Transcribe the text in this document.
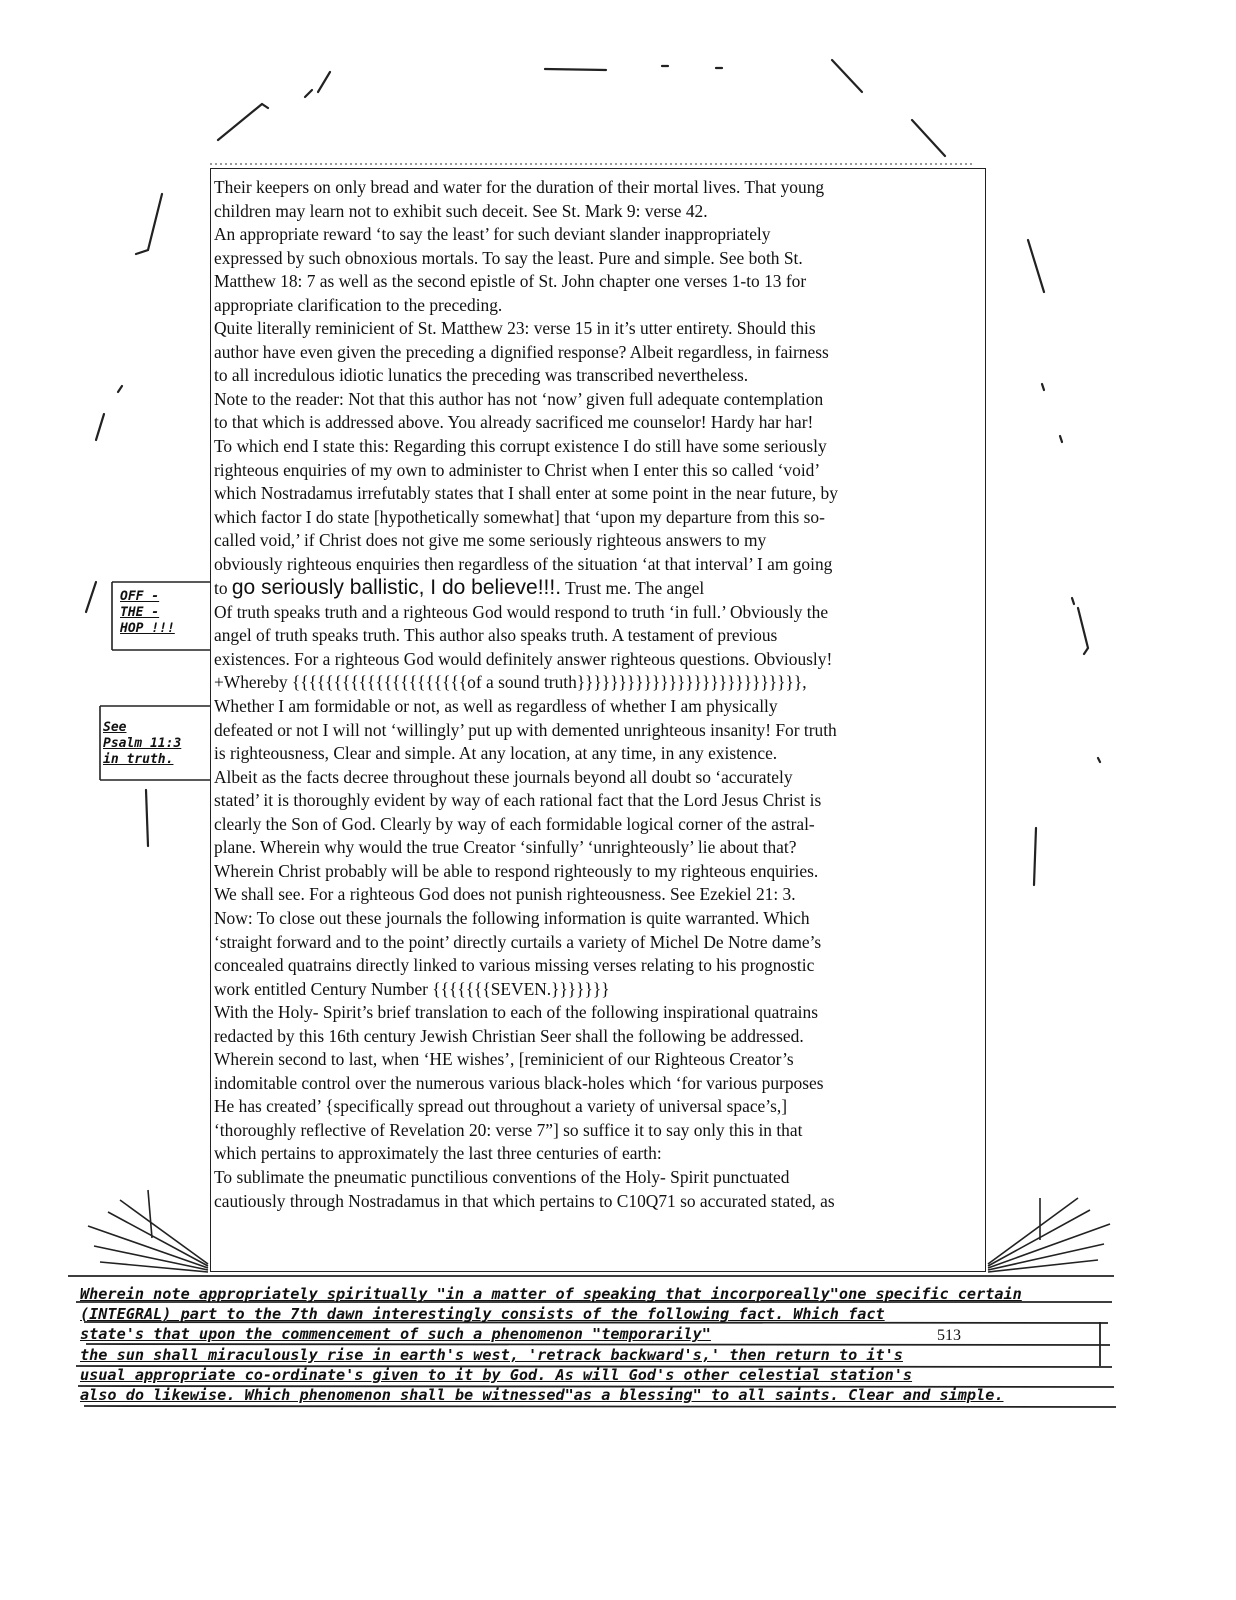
Their keepers on only bread and water for the duration of their mortal lives. That young

children may learn not to exhibit such deceit. See St. Mark 9: verse 42.

An appropriate reward ‘to say the least’ for such deviant slander inappropriately

expressed by such obnoxious mortals. To say the least. Pure and simple. See both St.

Matthew 18: 7 as well as the second epistle of St. John chapter one verses 1-to 13 for

appropriate clarification to the preceding.

Quite literally reminicient of St. Matthew 23: verse 15 in it’s utter entirety. Should this

author have even given the preceding a dignified response? Albeit regardless, in fairness

to all incredulous idiotic lunatics the preceding was transcribed nevertheless.

Note to the reader: Not that this author has not ‘now’ given full adequate contemplation

to that which is addressed above. You already sacrificed me counselor! Hardy har har!

To which end I state this: Regarding this corrupt existence I do still have some seriously

righteous enquiries of my own to administer to Christ when I enter this so called ‘void’

which Nostradamus irrefutably states that I shall enter at some point in the near future, by

which factor I do state [hypothetically somewhat] that ‘upon my departure from this so-

called void,’ if Christ does not give me some seriously righteous answers to my

obviously righteous enquiries then regardless of the situation ‘at that interval’ I am going

to go seriously ballistic, I do believe!!!. Trust me. The angel

Of truth speaks truth and a righteous God would respond to truth ‘in full.’ Obviously the

angel of truth speaks truth. This author also speaks truth. A testament of previous

existences. For a righteous God would definitely answer righteous questions. Obviously!

+Whereby {{{{{{{{{{{{{{{{{{{{{of a sound truth}}}}}}}}}}}}}}}}}}}}}}}}}}},

Whether I am formidable or not, as well as regardless of whether I am physically

defeated or not I will not ‘willingly’ put up with demented unrighteous insanity! For truth

is righteousness, Clear and simple. At any location, at any time, in any existence.

Albeit as the facts decree throughout these journals beyond all doubt so ‘accurately

stated’ it is thoroughly evident by way of each rational fact that the Lord Jesus Christ is

clearly the Son of God. Clearly by way of each formidable logical corner of the astral-

plane. Wherein why would the true Creator ‘sinfully’ ‘unrighteously’ lie about that?

Wherein Christ probably will be able to respond righteously to my righteous enquiries.

We shall see. For a righteous God does not punish righteousness. See Ezekiel 21: 3.

Now: To close out these journals the following information is quite warranted. Which

‘straight forward and to the point’ directly curtails a variety of Michel De Notre dame’s

concealed quatrains directly linked to various missing verses relating to his prognostic

work entitled Century Number {{{{{{{SEVEN.}}}}}}}

With the Holy- Spirit’s brief translation to each of the following inspirational quatrains

redacted by this 16th century Jewish Christian Seer shall the following be addressed.

Wherein second to last, when ‘HE wishes’, [reminicient of our Righteous Creator’s

indomitable control over the numerous various black-holes which ‘for various purposes

He has created’ {specifically spread out throughout a variety of universal space’s,]

‘thoroughly reflective of Revelation 20: verse 7”] so suffice it to say only this in that

which pertains to approximately the last three centuries of earth:

To sublimate the pneumatic punctilious conventions of the Holy- Spirit punctuated

cautiously through Nostradamus in that which pertains to C10Q71 so accurated stated, as

OFF -
THE -
HOP !!!
See
Psalm 11:3
in truth.

Wherein note appropriately spiritually "in a matter of speaking that incorporeally"one specific certain

(INTEGRAL) part to the 7th dawn interestingly consists of the following fact. Which fact

state's that upon the commencement of such a phenomenon "temporarily"

the sun shall miraculously rise in earth's west, 'retrack backward's,' then return to it's

usual appropriate co-ordinate's given to it by God. As will God's other celestial station's

also do likewise. Which phenomenon shall be witnessed"as a blessing" to all saints. Clear and simple.

513
